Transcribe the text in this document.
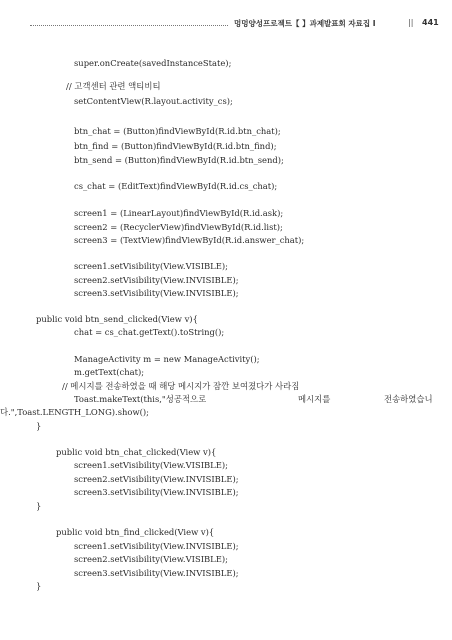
멍멍양성프로젝트【 】과제발표회 자료집 I	|| 441
super.onCreate(savedInstanceState);
// 고객센터 관련 액티비티
setContentView(R.layout.activity_cs);
btn_chat = (Button)findViewById(R.id.btn_chat);
btn_find = (Button)findViewById(R.id.btn_find);
btn_send = (Button)findViewById(R.id.btn_send);
cs_chat = (EditText)findViewById(R.id.cs_chat);
screen1 = (LinearLayout)findViewById(R.id.ask);
screen2 = (RecyclerView)findViewById(R.id.list);
screen3 = (TextView)findViewById(R.id.answer_chat);
screen1.setVisibility(View.VISIBLE);
screen2.setVisibility(View.INVISIBLE);
screen3.setVisibility(View.INVISIBLE);
public void btn_send_clicked(View v){
chat = cs_chat.getText().toString();
ManageActivity m = new ManageActivity();
m.getText(chat);
// 메시지를 전송하였을 때 해당 메시지가 잠깐 보여졌다가 사라짐
Toast.makeText(this,"성공적으로	메시지를	전송하였습니
다.",Toast.LENGTH_LONG).show();
}
public void btn_chat_clicked(View v){
screen1.setVisibility(View.VISIBLE);
screen2.setVisibility(View.INVISIBLE);
screen3.setVisibility(View.INVISIBLE);
}
public void btn_find_clicked(View v){
screen1.setVisibility(View.INVISIBLE);
screen2.setVisibility(View.VISIBLE);
screen3.setVisibility(View.INVISIBLE);
}
